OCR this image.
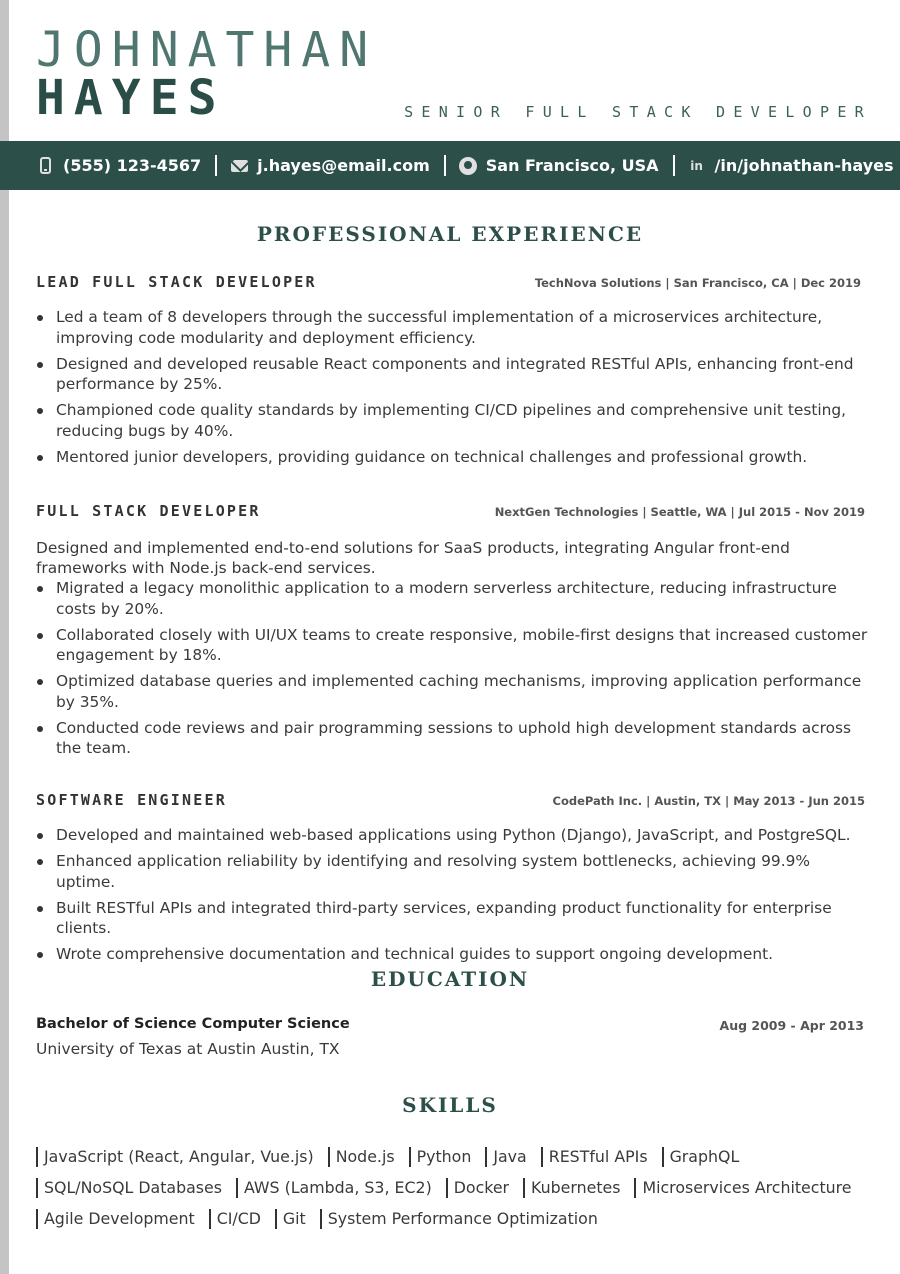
JOHNATHAN
HAYES	SENIOR FULL STACK DEVELOPER
(555) 123-4567	j.hayes@email.com	San Francisco, USA	in /in/johnathan-hayes
PROFESSIONAL EXPERIENCE
LEAD FULL STACK DEVELOPER	TechNova Solutions | San Francisco, CA | Dec 2019
Led a team of 8 developers through the successful implementation of a microservices architecture, improving code modularity and deployment efficiency.
Designed and developed reusable React components and integrated RESTful APIs, enhancing front-end performance by 25%.
Championed code quality standards by implementing CI/CD pipelines and comprehensive unit testing, reducing bugs by 40%.
Mentored junior developers, providing guidance on technical challenges and professional growth.
FULL STACK DEVELOPER	NextGen Technologies | Seattle, WA | Jul 2015 - Nov 2019
Designed and implemented end-to-end solutions for SaaS products, integrating Angular front-end frameworks with Node.js back-end services.
Migrated a legacy monolithic application to a modern serverless architecture, reducing infrastructure costs by 20%.
Collaborated closely with UI/UX teams to create responsive, mobile-first designs that increased customer engagement by 18%.
Optimized database queries and implemented caching mechanisms, improving application performance by 35%.
Conducted code reviews and pair programming sessions to uphold high development standards across the team.
SOFTWARE ENGINEER	CodePath Inc. | Austin, TX | May 2013 - Jun 2015
Developed and maintained web-based applications using Python (Django), JavaScript, and PostgreSQL.
Enhanced application reliability by identifying and resolving system bottlenecks, achieving 99.9% uptime.
Built RESTful APIs and integrated third-party services, expanding product functionality for enterprise clients.
Wrote comprehensive documentation and technical guides to support ongoing development.
EDUCATION
Bachelor of Science Computer Science	Aug 2009 - Apr 2013
University of Texas at Austin Austin, TX
SKILLS
JavaScript (React, Angular, Vue.js)	Node.js	Python	Java	RESTful APIs	GraphQL
SQL/NoSQL Databases	AWS (Lambda, S3, EC2)	Docker	Kubernetes	Microservices Architecture
Agile Development	CI/CD	Git	System Performance Optimization
